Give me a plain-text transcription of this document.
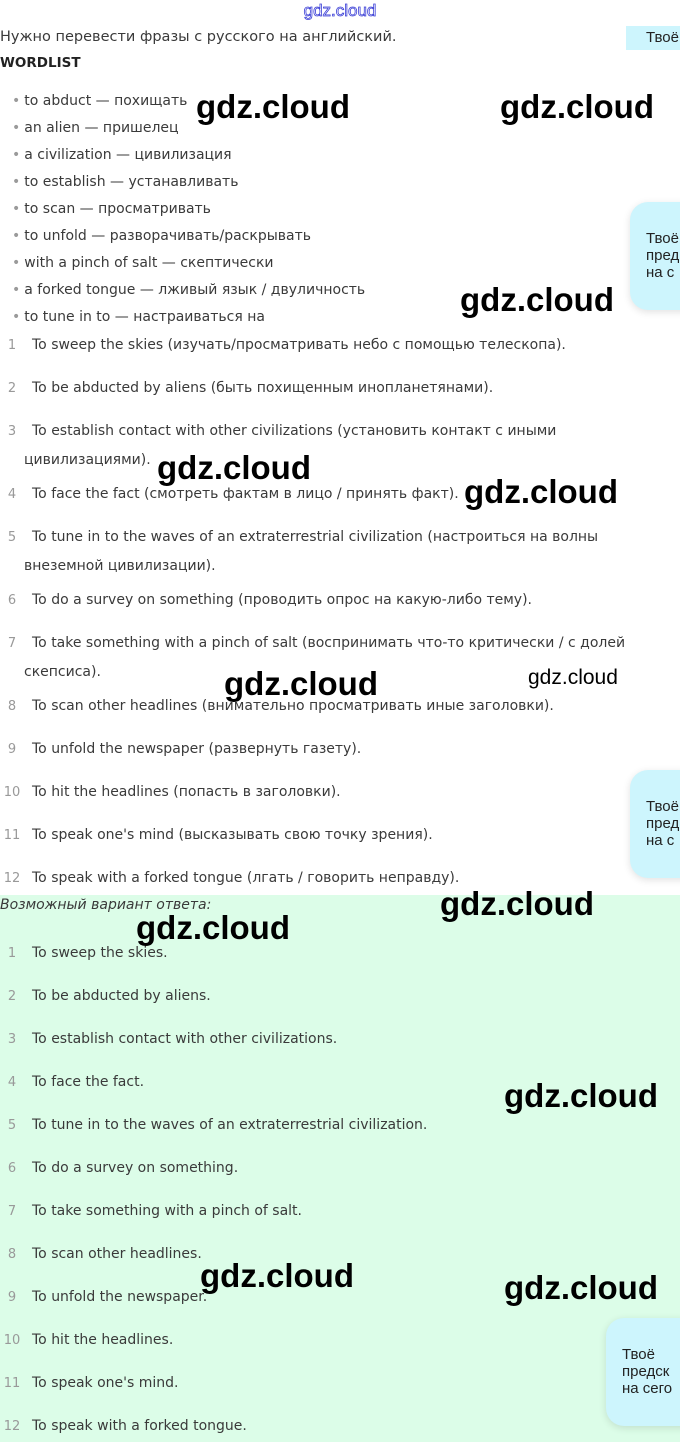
gdz.cloud
Нужно перевести фразы с русского на английский.
WORDLIST
• to abduct — похищать
• an alien — пришелец
• a civilization — цивилизация
• to establish — устанавливать
• to scan — просматривать
• to unfold — разворачивать/раскрывать
• with a pinch of salt — скептически
• a forked tongue — лживый язык / двуличность
• to tune in to — настраиваться на
1 To sweep the skies (изучать/просматривать небо с помощью телескопа).
2 To be abducted by aliens (быть похищенным инопланетянами).
3 To establish contact with other civilizations (установить контакт с иными
цивилизациями).
4 To face the fact (смотреть фактам в лицо / принять факт).
5 To tune in to the waves of an extraterrestrial civilization (настроиться на волны
внеземной цивилизации).
6 To do a survey on something (проводить опрос на какую-либо тему).
7 To take something with a pinch of salt (воспринимать что-то критически / с долей
скепсиса).
8 To scan other headlines (внимательно просматривать иные заголовки).
9 To unfold the newspaper (развернуть газету).
10 To hit the headlines (попасть в заголовки).
11 To speak one's mind (высказывать свою точку зрения).
12 To speak with a forked tongue (лгать / говорить неправду).
Возможный вариант ответа:
1 To sweep the skies.
2 To be abducted by aliens.
3 To establish contact with other civilizations.
4 To face the fact.
5 To tune in to the waves of an extraterrestrial civilization.
6 To do a survey on something.
7 To take something with a pinch of salt.
8 To scan other headlines.
9 To unfold the newspaper.
10 To hit the headlines.
11 To speak one's mind.
12 To speak with a forked tongue.
gdz.cloud	gdz.cloud
gdz.cloud
gdz.cloud
gdz.cloud
gdz.cloud	gdz.cloud
gdz.cloud
gdz.cloud
gdz.cloud
gdz.cloud	gdz.cloud
Твоё
Твоё
пред
на с
Твоё
пред
на с
Твоё
предск
на сего
